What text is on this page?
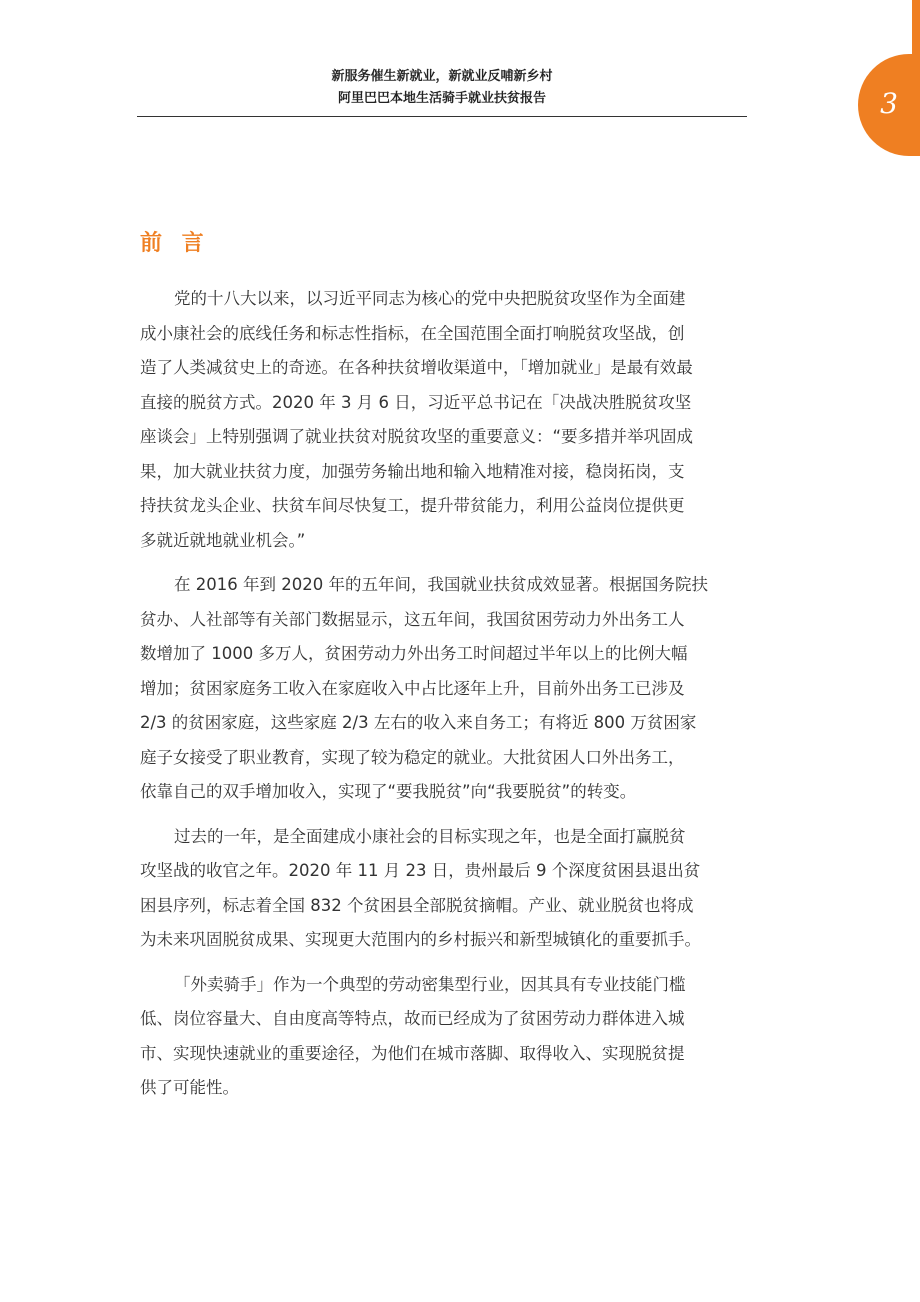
新服务催生新就业，新就业反哺新乡村
阿里巴巴本地生活骑手就业扶贫报告	3
前 言
党的十八大以来，以习近平同志为核心的党中央把脱贫攻坚作为全面建
成小康社会的底线任务和标志性指标，在全国范围全面打响脱贫攻坚战，创
造了人类减贫史上的奇迹。在各种扶贫增收渠道中，「增加就业」是最有效最
直接的脱贫方式。2020 年 3 月 6 日，习近平总书记在「决战决胜脱贫攻坚
座谈会」上特别强调了就业扶贫对脱贫攻坚的重要意义：“要多措并举巩固成
果，加大就业扶贫力度，加强劳务输出地和输入地精准对接，稳岗拓岗，支
持扶贫龙头企业、扶贫车间尽快复工，提升带贫能力，利用公益岗位提供更
多就近就地就业机会。”
在 2016 年到 2020 年的五年间，我国就业扶贫成效显著。根据国务院扶
贫办、人社部等有关部门数据显示，这五年间，我国贫困劳动力外出务工人
数增加了 1000 多万人，贫困劳动力外出务工时间超过半年以上的比例大幅
增加；贫困家庭务工收入在家庭收入中占比逐年上升，目前外出务工已涉及
2/3 的贫困家庭，这些家庭 2/3 左右的收入来自务工；有将近 800 万贫困家
庭子女接受了职业教育，实现了较为稳定的就业。大批贫困人口外出务工，
依靠自己的双手增加收入，实现了“要我脱贫”向“我要脱贫”的转变。
过去的一年，是全面建成小康社会的目标实现之年，也是全面打赢脱贫
攻坚战的收官之年。2020 年 11 月 23 日，贵州最后 9 个深度贫困县退出贫
困县序列，标志着全国 832 个贫困县全部脱贫摘帽。产业、就业脱贫也将成
为未来巩固脱贫成果、实现更大范围内的乡村振兴和新型城镇化的重要抓手。
「外卖骑手」作为一个典型的劳动密集型行业，因其具有专业技能门槛
低、岗位容量大、自由度高等特点，故而已经成为了贫困劳动力群体进入城
市、实现快速就业的重要途径，为他们在城市落脚、取得收入、实现脱贫提
供了可能性。
